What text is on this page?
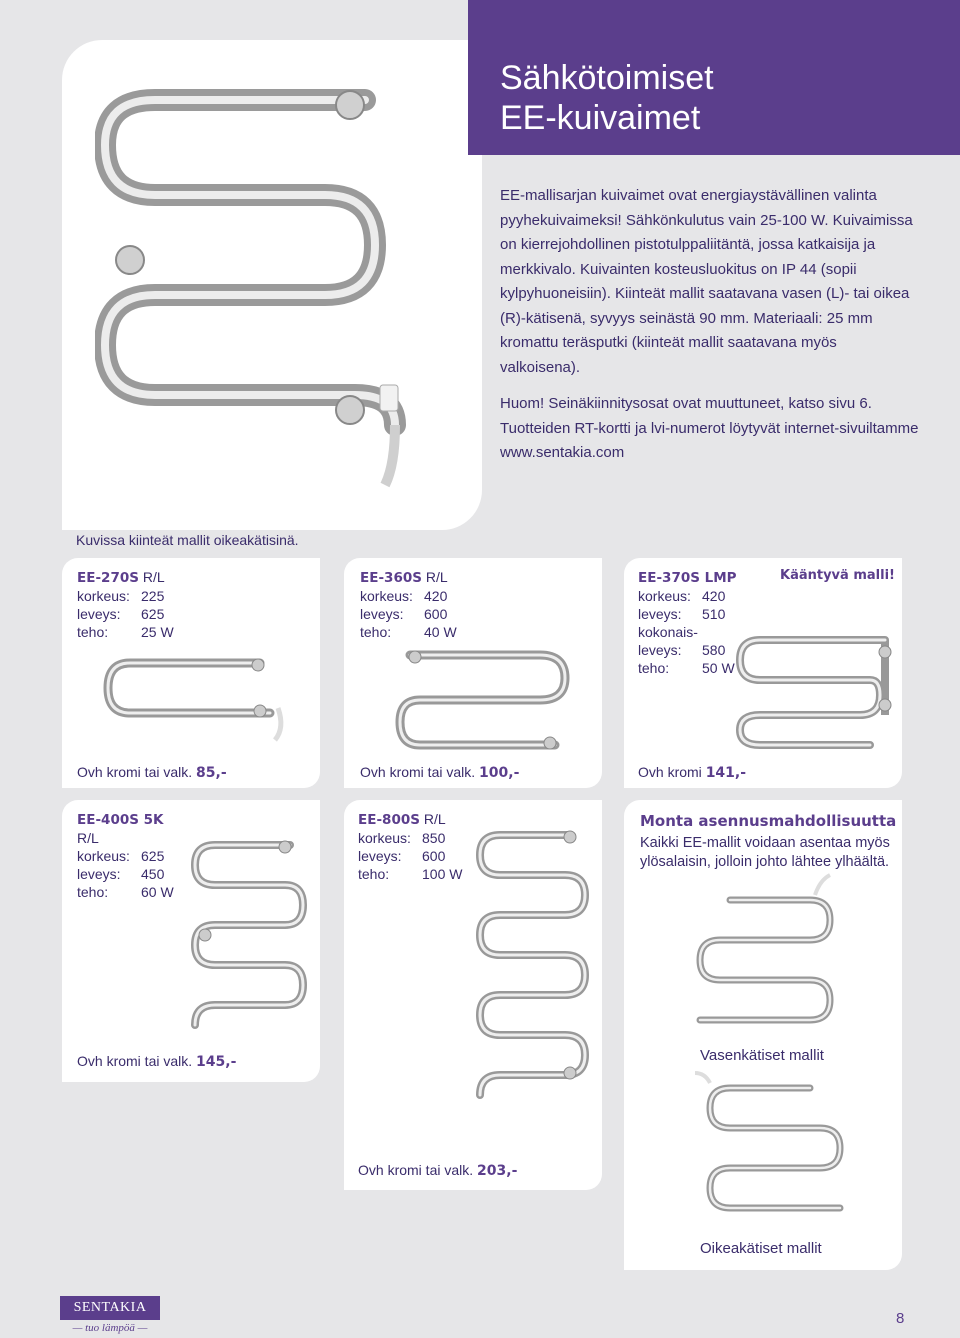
Sähkötoimiset
EE-kuivaimet

EE-mallisarjan kuivaimet ovat energiaystävällinen valinta pyyhekuivaimeksi! Sähkönkulutus vain 25-100 W. Kuivaimissa on kierrejohdollinen pistotulppaliitäntä, jossa katkaisija ja merkkivalo. Kuivainten kosteusluokitus on IP 44 (sopii kylpyhuoneisiin). Kiinteät mallit saatavana vasen (L)- tai oikea (R)-kätisenä, syvyys seinästä 90 mm. Materiaali: 25 mm kromattu teräsputki (kiinteät mallit saatavana myös valkoisena).

Huom! Seinäkiinnitysosat ovat muuttuneet, katso sivu 6. Tuotteiden RT-kortti ja lvi-numerot löytyvät internet-sivuiltamme www.sentakia.com

Kuvissa kiinteät mallit oikeakätisinä.
EE-270S R/L
korkeus: 225
leveys:	625
teho:	25 W
Ovh kromi tai valk. 85,-
EE-360S R/L
korkeus: 420
leveys:	600
teho:	40 W
Ovh kromi tai valk. 100,-
EE-370S LMP
korkeus: 420
leveys:	510
kokonais-
leveys:	580
teho:	50 W
Kääntyvä malli!
Ovh kromi 141,-
EE-400S 5K
R/L
korkeus: 625
leveys:	450
teho:	60 W
Ovh kromi tai valk. 145,-
EE-800S R/L
korkeus: 850
leveys:	600
teho:	100 W
Ovh kromi tai valk. 203,-
Monta asennusmahdollisuutta
Kaikki EE-mallit voidaan asentaa myös ylösalaisin, jolloin johto lähtee ylhäältä.
Vasenkätiset mallit
Oikeakätiset mallit
SENTAKIA
— tuo lämpöä —
8
